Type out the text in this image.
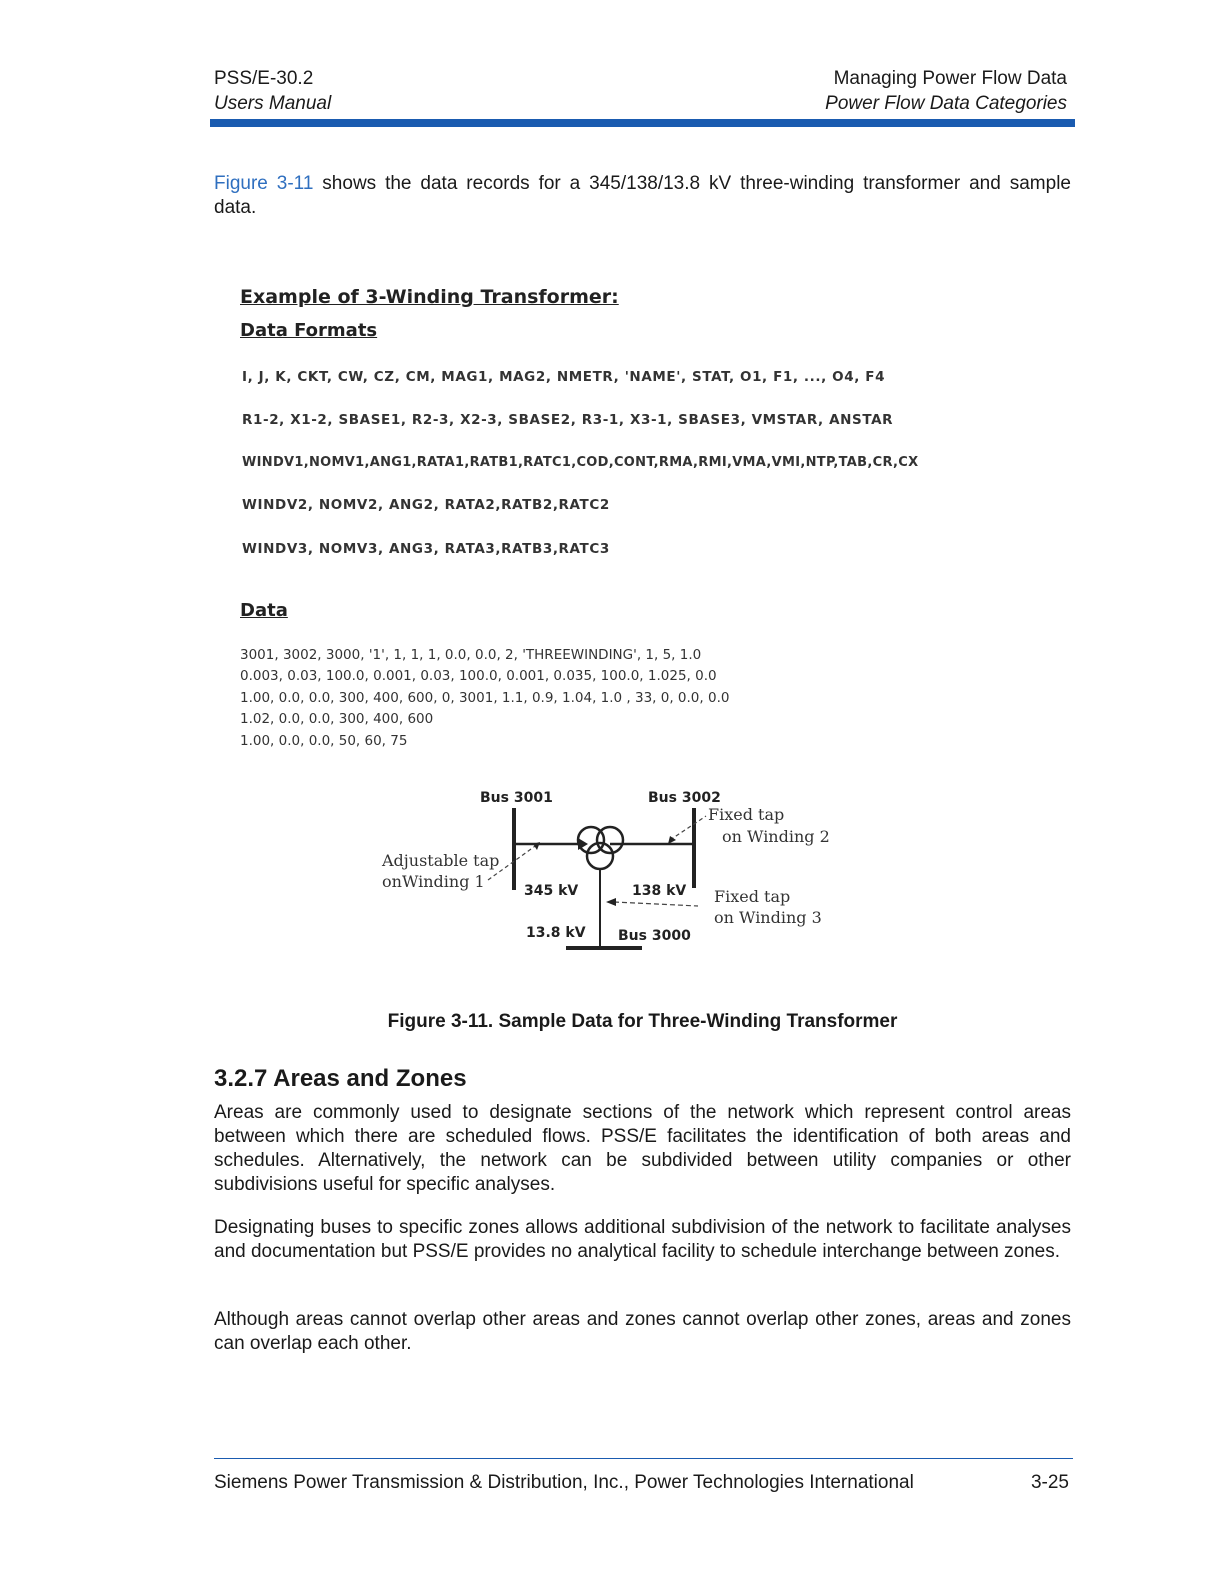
PSS/E-30.2
Users Manual
Managing Power Flow Data
Power Flow Data Categories
Figure 3-11 shows the data records for a 345/138/13.8 kV three-winding transformer and sample data.
Example of 3-Winding Transformer:
Data Formats
I, J, K, CKT, CW, CZ, CM, MAG1, MAG2, NMETR, 'NAME', STAT, O1, F1, ..., O4, F4
R1-2, X1-2, SBASE1, R2-3, X2-3, SBASE2, R3-1, X3-1, SBASE3, VMSTAR, ANSTAR
WINDV1,NOMV1,ANG1,RATA1,RATB1,RATC1,COD,CONT,RMA,RMI,VMA,VMI,NTP,TAB,CR,CX
WINDV2, NOMV2, ANG2, RATA2,RATB2,RATC2
WINDV3, NOMV3, ANG3, RATA3,RATB3,RATC3
Data
3001, 3002, 3000, '1', 1, 1, 1, 0.0, 0.0, 2, 'THREEWINDING', 1, 5, 1.0
0.003, 0.03, 100.0, 0.001, 0.03, 100.0, 0.001, 0.035, 100.0, 1.025, 0.0
1.00, 0.0, 0.0, 300, 400, 600, 0, 3001, 1.1, 0.9, 1.04, 1.0 , 33, 0, 0.0, 0.0
1.02, 0.0, 0.0, 300, 400, 600
1.00, 0.0, 0.0, 50, 60, 75
Bus 3001	Bus 3002
Bus 3000
345 kV	138 kV
13.8 kV
Adjustable tap
onWinding 1
Fixed tap
on Winding 2
Fixed tap
on Winding 3
Figure 3-11. Sample Data for Three-Winding Transformer
3.2.7 Areas and Zones
Areas are commonly used to designate sections of the network which represent control areas between which there are scheduled flows. PSS/E facilitates the identification of both areas and schedules. Alternatively, the network can be subdivided between utility companies or other subdivisions useful for specific analyses.
Designating buses to specific zones allows additional subdivision of the network to facilitate analyses and documentation but PSS/E provides no analytical facility to schedule interchange between zones.
Although areas cannot overlap other areas and zones cannot overlap other zones, areas and zones can overlap each other.
Siemens Power Transmission & Distribution, Inc., Power Technologies International	3-25
